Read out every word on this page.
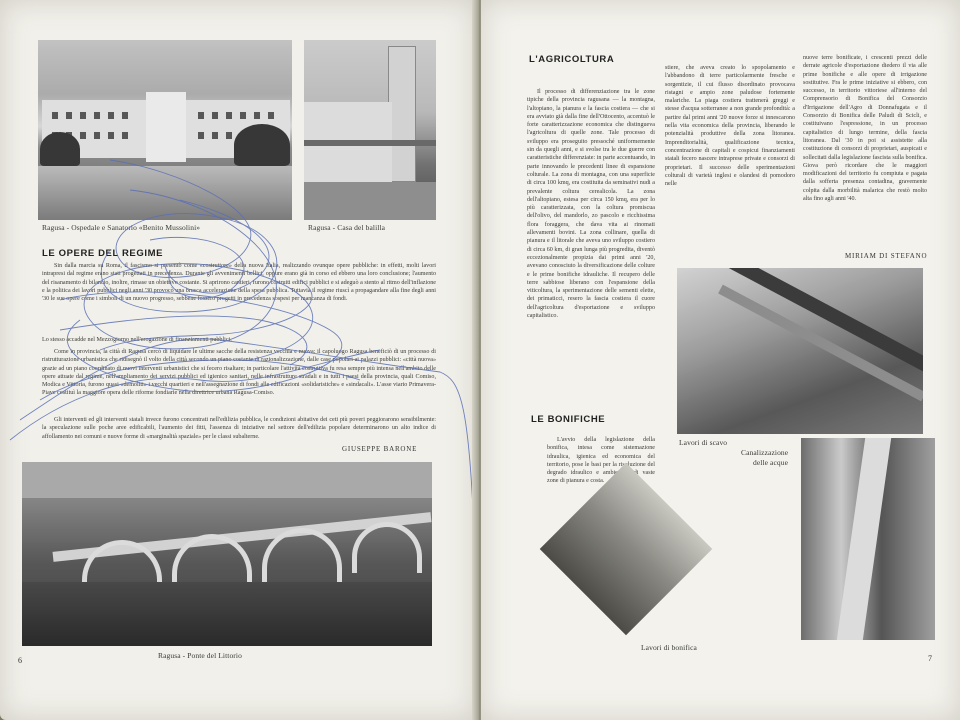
Ragusa - Ospedale e Sanatorio «Benito Mussolini»	Ragusa - Casa del balilla
LE OPERE DEL REGIME
Sin dalla marcia su Roma, il fascismo si presentò come «costruttore» della nuova Italia, realizzando ovunque opere pubbliche: in effetti, molti lavori intrapresi dal regime erano stati progettati in precedenza. Durante gli avvenimenti bellici, oppure erano già in corso ed ebbero una loro conclusione; l'aumento del risanamento di bilancio, inoltre, rimase un obiettivo costante. Si aprirono cantieri, furono costruiti edifici pubblici e si adeguò a stento al ritmo dell'inflazione e la politica dei lavori pubblici negli anni '30 provocò una brusca accelerazione della spesa pubblica. Tuttavia il regime riuscì a propagandare alla fine degli anni '30 le sue opere come i simboli di un nuovo progresso, sebbene fossero progetti in precedenza sospesi per mancanza di fondi.
Lo stesso accadde nel Mezzogiorno nell'erogazione di finanziamenti pubblici.
Come in provincia, la città di Ragusa cercò di liquidare le ultime sacche della resistenza vecchia e nuova: il capoluogo Ragusa beneficiò di un processo di ristrutturazione urbanistica che ridisegnò il volto della città secondo un piano costante di razionalizzazione, dalle case popolari ai palazzi pubblici: «città nuova» grazie ad un piano coordinato di nuovi interventi urbanistici che si fecero risaltare; in particolare l'attività costruttiva fu resa sempre più intensa nell'ambito delle opere attuate dal regime, nell'ampliamento dei servizi pubblici ed igienico sanitari, nelle infrastrutture stradali e in tutti i paesi della provincia, quali Comiso, Modica e Vittoria, furono quasi «demoliti» i vecchi quartieri e nell'assegnazione di fondi alle edificazioni «solidaristiche» e «sindacali». L'asse viario Primavera-Piave costituì la maggiore opera delle riforme fondiarie nella direttrice urbana Ragusa-Comiso.
Gli interventi ed gli interventi statali invece furono concentrati nell'edilizia pubblica, le condizioni abitative dei ceti più poveri peggiorarono sensibilmente: la speculazione sulle poche aree edificabili, l'aumento dei fitti, l'assenza di iniziative nel settore dell'edilizia popolare determinarono un alto indice di affollamento nei comuni e nuove forme di «marginalità spaziale» per le classi subalterne.
GIUSEPPE BARONE
Ragusa - Ponte del Littorio
6
L'AGRICOLTURA
Il processo di differenziazione tra le zone tipiche della provincia ragusana — la montagna, l'altopiano, la pianura e la fascia costiera — che si era avviato già dalla fine dell'Ottocento, accentuò le forte caratterizzazione economica che distingueva l'agricoltura di quelle zone. Tale processo di sviluppo era proseguito pressoché uniformemente sin da quegli anni, e si svolse tra le due guerre con caratteristiche differenziate: in parte accentuando, in parte innovando le precedenti linee di espansione colturale. La zona di montagna, con una superficie di circa 100 kmq, era costituita da seminativi nudi a prevalente coltura cerealicola. La zona dell'altopiano, estesa per circa 150 kmq, era per lo più caratterizzata, con la coltura promiscua dell'olivo, del mandorlo, zo pascolo e ricchissima flora foraggera, che dava vita ai rinomati allevamenti bovini. La zona collinare, quella di pianura e il litorale che aveva uno sviluppo costiero di circa 60 km, di gran lunga più progredita, diventò eccezionalmente propizia dai primi anni '20, avevano conosciuto la diversificazione delle colture e le prime bonifiche idrauliche. Il recupero delle terre sabbiose liberano con l'espansione della viticoltura, la sperimentazione delle sementi elette, dei primaticci, resero la fascia costiera il cuore dell'agricoltura d'esportazione e sviluppo capitalistico.
stiere, che aveva creato lo spopolamento e l'abbandono di terre particolarmente fresche e sorgentizie, il cui flusso disordinato provocava ristagni e ampio zone paludose fortemente malariche. La piaga costiera trattenerà greggi e stesse d'acqua sotterranee a non grande profondità: a partire dal primi anni '20 nuove forze si innescarono nella vita economica della provincia, liberando le potenzialità produttive della zona litoranea. Imprenditorialità, qualificazione tecnica, concentrazione di capitali e cospicui finanziamenti statali fecero nascere intraprese private e consorzi di proprietari. Il successo delle sperimentazioni colturali di varietà inglesi e olandesi di pomodoro nelle
nuove terre bonificate, i crescenti prezzi delle derrate agricole d'esportazione diedero il via alle prime bonifiche e alle opere di irrigazione sostitutive. Fra le prime iniziative si ebbero, con successo, in territorio vittoriese all'interno del Comprensorio di Bonifica del Consorzio d'Irrigazione dell'Agro di Donnafugata e il Consorzio di Bonifica delle Paludi di Scicli, e costituivano l'espressione, in un processo capitalistico di lungo termine, della fascia litoranea. Dal '30 in poi si assistette alla costituzione di consorzi di proprietari, auspicati e sollecitati dalla legislazione fascista sulla bonifica. Giova però ricordare che le maggiori modificazioni del territorio fu compiuta e pagata dalla sofferta presenza contadina, gravemente colpita dalla morbilità malarica che restò molto alta fino agli anni '40.
MIRIAM DI STEFANO
Lavori di scavo
LE BONIFICHE
L'avvio della legislazione della bonifica, intesa come sistemazione idraulica, igienica ed economica del territorio, pose le basi per la risoluzione del degrado idraulico e ambientale di vaste zone di pianura e costa.
Canalizzazione
delle acque
Lavori di bonifica
7
